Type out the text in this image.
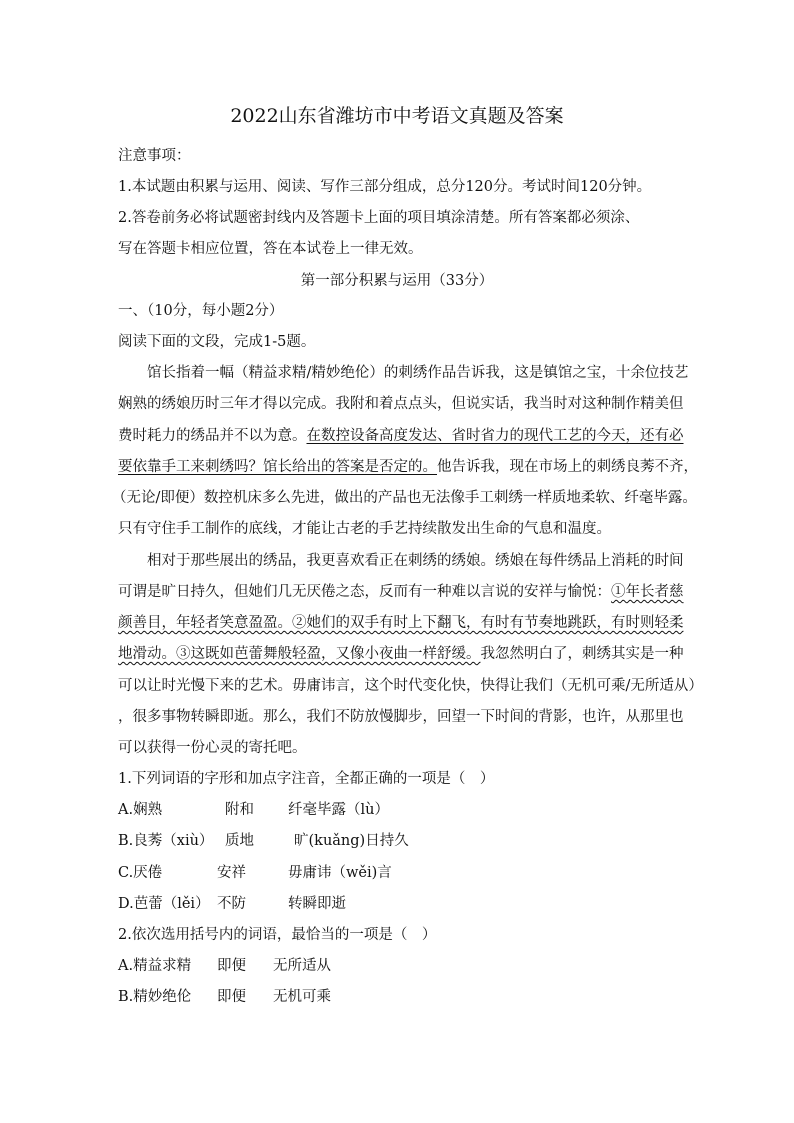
2022山东省潍坊市中考语文真题及答案
注意事项：
1.本试题由积累与运用、阅读、写作三部分组成，总分120分。考试时间120分钟。
2.答卷前务必将试题密封线内及答题卡上面的项目填涂清楚。所有答案都必须涂、
写在答题卡相应位置，答在本试卷上一律无效。
第一部分积累与运用（33分）
一、（10分，每小题2分）
阅读下面的文段，完成1-5题。
馆长指着一幅（精益求精/精妙绝伦）的刺绣作品告诉我，这是镇馆之宝，十余位技艺
娴熟的绣娘历时三年才得以完成。我附和着点点头，但说实话，我当时对这种制作精美但
费时耗力的绣品并不以为意。在数控设备高度发达、省时省力的现代工艺的今天，还有必
要依靠手工来刺绣吗？馆长给出的答案是否定的。他告诉我，现在市场上的刺绣良莠不齐，
（无论/即便）数控机床多么先进，做出的产品也无法像手工刺绣一样质地柔软、纤毫毕露。
只有守住手工制作的底线，才能让古老的手艺持续散发出生命的气息和温度。
相对于那些展出的绣品，我更喜欢看正在刺绣的绣娘。绣娘在每件绣品上消耗的时间
可谓是旷日持久，但她们几无厌倦之态，反而有一种难以言说的安祥与愉悦：①年长者慈
颜善目，年轻者笑意盈盈。②她们的双手有时上下翻飞，有时有节奏地跳跃，有时则轻柔
地滑动。③这既如芭蕾舞般轻盈，又像小夜曲一样舒缓。我忽然明白了，刺绣其实是一种
可以让时光慢下来的艺术。毋庸讳言，这个时代变化快，快得让我们（无机可乘/无所适从）
，很多事物转瞬即逝。那么，我们不防放慢脚步，回望一下时间的背影，也许，从那里也
可以获得一份心灵的寄托吧。
1.下列词语的字形和加点字注音，全都正确的一项是（　）
A.娴熟	附和 纤毫毕露（lù）

B.良莠（xiù） 质地	旷(kuǎng)日持久

C.厌倦	安祥	毋庸讳（wěi)言

D.芭蕾（lěi） 不防	转瞬即逝

2.依次选用括号内的词语，最恰当的一项是（　）
A.精益求精 即便 无所适从

B.精妙绝伦 即便 无机可乘
